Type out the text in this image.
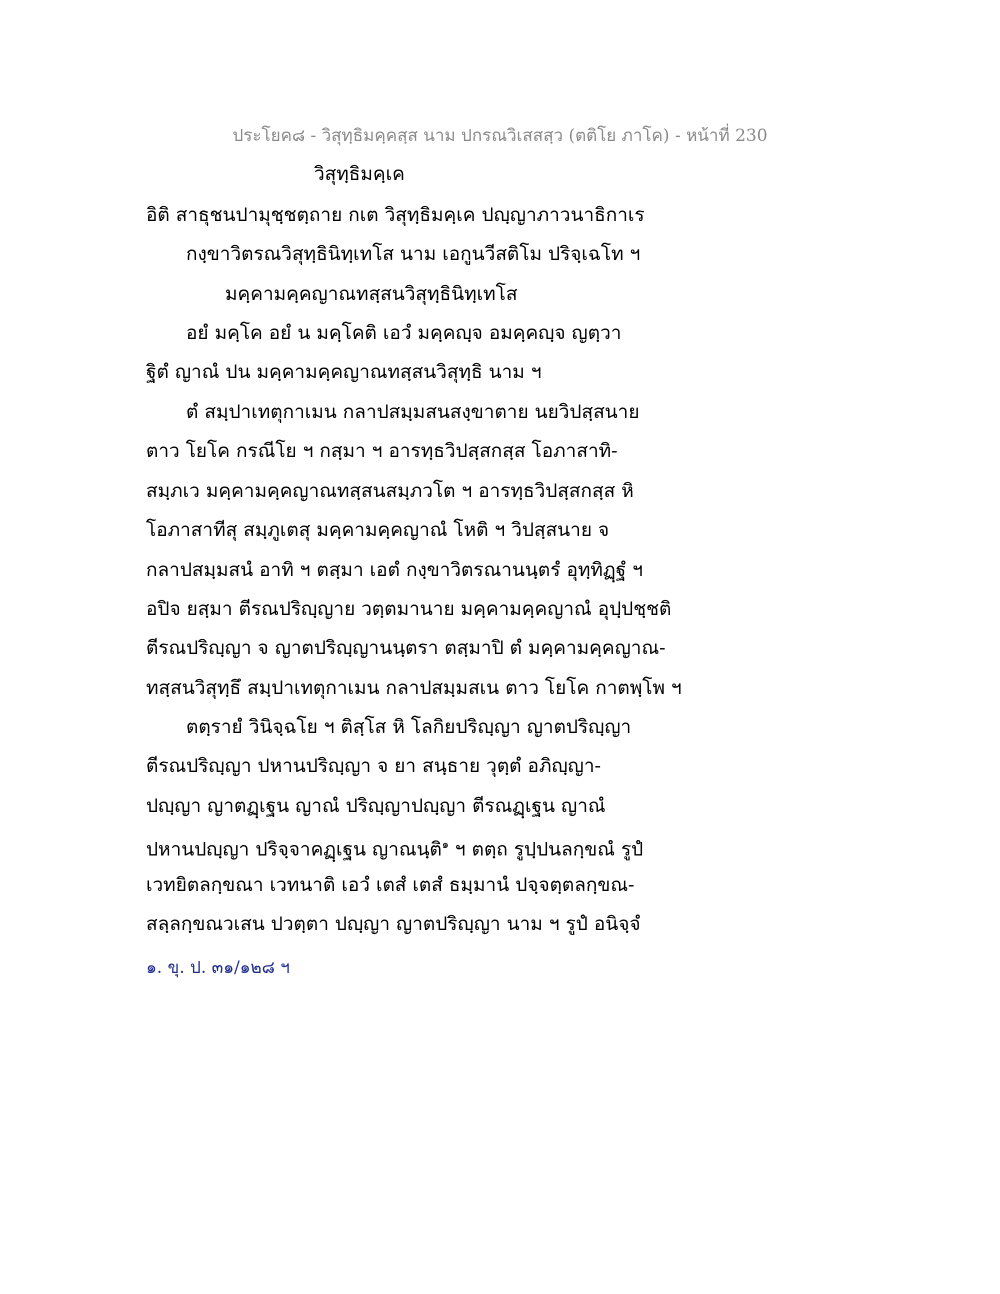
ประโยค๘ - วิสุทฺธิมคฺคสฺส นาม ปกรณวิเสสสฺว (ตติโย ภาโค) - หน้าที่ 230
วิสุทฺธิมคฺเค
อิติ สาธุชนปามุชฺชตฺถาย กเต วิสุทฺธิมคฺเค ปญฺญาภาวนาธิกาเร
กงฺขาวิตรณวิสุทฺธินิทฺเทโส นาม เอกูนวีสติโม ปริจฺเฉโท ฯ
มคฺคามคฺคญาณทสฺสนวิสุทฺธินิทฺเทโส
อยํ มคฺโค อยํ น มคฺโคติ เอวํ มคฺคญฺจ อมคฺคญฺจ ญตฺวา
ฐิตํ ญาณํ ปน มคฺคามคฺคญาณทสฺสนวิสุทฺธิ นาม ฯ
ตํ สมฺปาเทตุกาเมน กลาปสมฺมสนสงฺขาตาย นยวิปสฺสนาย
ตาว โยโค กรณีโย ฯ กสฺมา ฯ อารทฺธวิปสฺสกสฺส โอภาสาทิ-
สมฺภเว มคฺคามคฺคญาณทสฺสนสมฺภวโต ฯ อารทฺธวิปสฺสกสฺส หิ
โอภาสาทีสุ สมฺภูเตสุ มคฺคามคฺคญาณํ โหติ ฯ วิปสฺสนาย จ
กลาปสมฺมสนํ อาทิ ฯ ตสฺมา เอตํ กงฺขาวิตรณานนฺตรํ อุทฺทิฏฺฐํ ฯ
อปิจ ยสฺมา ตีรณปริญฺญาย วตฺตมานาย มคฺคามคฺคญาณํ อุปฺปชฺชติ
ตีรณปริญฺญา จ ญาตปริญฺญานนฺตรา ตสฺมาปิ ตํ มคฺคามคฺคญาณ-
ทสฺสนวิสุทฺธึ สมฺปาเทตุกาเมน กลาปสมฺมสเน ตาว โยโค กาตพฺโพ ฯ
ตตฺรายํ วินิจฺฉโย ฯ ติสฺโส หิ โลกิยปริญฺญา ญาตปริญฺญา
ตีรณปริญฺญา ปหานปริญฺญา จ ยา สนฺธาย วุตฺตํ อภิญฺญา-
ปญฺญา ญาตฏฺเฐน ญาณํ ปริญฺญาปญฺญา ตีรณฏฺเฐน ญาณํ
ปหานปญฺญา ปริจฺจาคฏฺเฐน ญาณนฺติ$^๑$ ฯ ตตฺถ รูปฺปนลกฺขณํ รูปํ
เวทยิตลกฺขณา เวทนาติ เอวํ เตสํ เตสํ ธมฺมานํ ปจฺจตฺตลกฺขณ-
สลฺลกฺขณวเสน ปวตฺตา ปญฺญา ญาตปริญฺญา นาม ฯ รูปํ อนิจฺจํ
๑. ขุ. ป. ๓๑/๑๒๘ ฯ
